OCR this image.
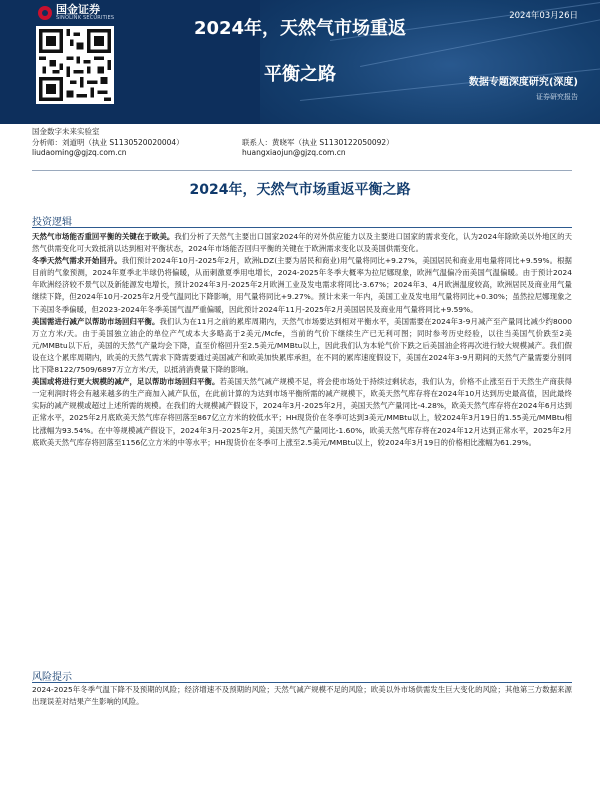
国金证券
SINOLINK SECURITIES	2024年03月26日
2024年，天然气市场重返
平衡之路	数据专题深度研究(深度)
证券研究报告
国金数字未来实验室
分析师：刘道明（执业 S1130520020004）	联系人：黄晓军（执业 S1130122050092）
liudaoming@gjzq.com.cn	huangxiaojun@gjzq.com.cn
2024年，天然气市场重返平衡之路
投资逻辑

天然气市场能否重回平衡的关键在于欧美。我们分析了天然气主要出口国家2024年的对外供应能力以及主要进口国家的需求变化，认为2024年除欧美以外地区的天然气供需变化可大致抵消以达到相对平衡状态，2024年市场能否回归平衡的关键在于欧洲需求变化以及美国供需变化。

冬季天然气需求开始回升。我们预计2024年10月-2025年2月，欧洲LDZ(主要为居民和商业)用气量将同比+9.27%，美国居民和商业用电量将同比+9.59%。根据目前的气象预测，2024年夏季北半球仍将偏暖，从而刺激夏季用电增长，2024-2025年冬季大概率为拉尼娜现象，欧洲气温偏冷而美国气温偏暖。由于预计2024年欧洲经济较不景气以及新能源发电增长，预计2024年3月-2025年2月欧洲工业及发电需求将同比-3.67%；2024年3、4月欧洲温度较高，欧洲居民及商业用气量继续下降，但2024年10月-2025年2月受气温同比下降影响，用气量将同比+9.27%。预计未来一年内，美国工业及发电用气量将同比+0.30%；虽然拉尼娜现象之下美国冬季偏暖，但2023-2024年冬季美国气温严重偏暖，因此预计2024年11月-2025年2月美国居民及商业用气量将同比+9.59%。

美国需进行减产以帮助市场回归平衡。我们认为在11月之前的累库周期内，天然气市场要达到相对平衡水平，美国需要在2024年3-9月减产至产量同比减少约8000万立方米/天。由于美国独立油企的单位产气成本大多略高于2美元/Mcfe，当前的气价下继续生产已无利可图；同时参考历史经验，以往当美国气价跌至2美元/MMBtu以下后，美国的天然气产量均会下降，直至价格回升至2.5美元/MMBtu以上，因此我们认为本轮气价下跌之后美国油企将再次进行较大规模减产。我们假设在这个累库周期内，欧美的天然气需求下降需要通过美国减产和欧美加快累库承担，在不同的累库速度假设下，美国在2024年3-9月期间的天然气产量需要分别同比下降8122/7509/6897万立方米/天，以抵消消费量下降的影响。

美国或将进行更大规模的减产，足以帮助市场回归平衡。若美国天然气减产规模不足，将会使市场处于持续过剩状态，我们认为，价格不止涨至百于天然生产商获得一定利润时将会有越来越多的生产商加入减产队伍，在此前计算的为达到市场平衡所需的减产规模下，欧美天然气库存将在2024年10月达到历史最高值，因此最终实际的减产规模或超过上述所需的规模。在我们的大规模减产假设下，2024年3月-2025年2月，美国天然气产量同比-4.28%，欧美天然气库存将在2024年6月达到正常水平，2025年2月底欧美天然气库存将回落至867亿立方米的较低水平；HH现货价在冬季可达到3美元/MMBtu以上，较2024年3月19日的1.55美元/MMBtu相比涨幅为93.54%。在中等规模减产假设下，2024年3月-2025年2月，美国天然气产量同比-1.60%，欧美天然气库存将在2024年12月达到正常水平，2025年2月底欧美天然气库存将回落至1156亿立方米的中等水平；HH现货价在冬季可上涨至2.5美元/MMBtu以上，较2024年3月19日的价格相比涨幅为61.29%。

风险提示

2024-2025年冬季气温下降不及预期的风险；经济增速不及预期的风险；天然气减产规模不足的风险；欧美以外市场供需发生巨大变化的风险；其他第三方数据来源出现误差对结果产生影响的风险。
